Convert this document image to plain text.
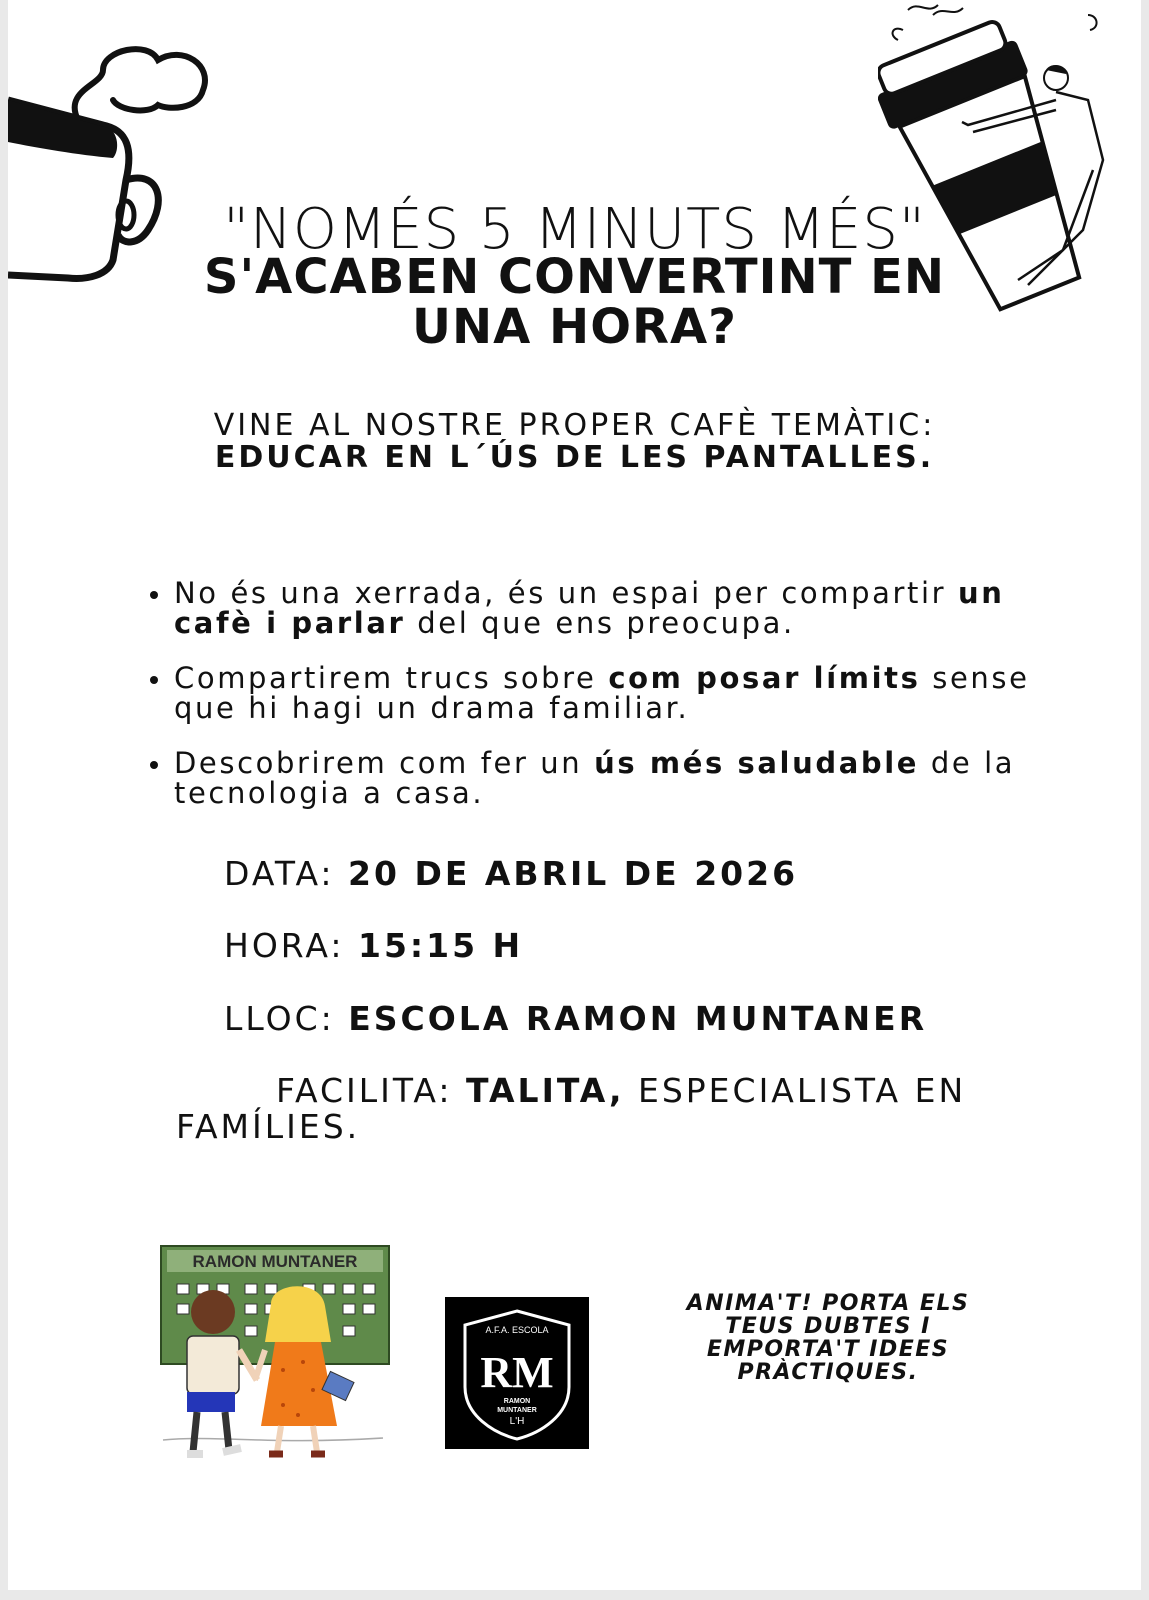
"NOMÉS 5 MINUTS MÉS"
S'ACABEN CONVERTINT EN
UNA HORA?
VINE AL NOSTRE PROPER CAFÈ TEMÀTIC:
EDUCAR EN L´ÚS DE LES PANTALLES.
No és una xerrada, és un espai per compartir un cafè i parlar del que ens preocupa.
Compartirem trucs sobre com posar límits sense que hi hagi un drama familiar.
Descobrirem com fer un ús més saludable de la tecnologia a casa.
DATA: 20 DE ABRIL DE 2026
HORA: 15:15 H
LLOC: ESCOLA RAMON MUNTANER
FACILITA: TALITA, ESPECIALISTA EN FAMÍLIES.
RAMON MUNTANER
A.F.A. ESCOLA
RM
RAMON
MUNTANER
L'H
ANIMA'T! PORTA ELS TEUS DUBTES I EMPORTA'T IDEES PRÀCTIQUES.
